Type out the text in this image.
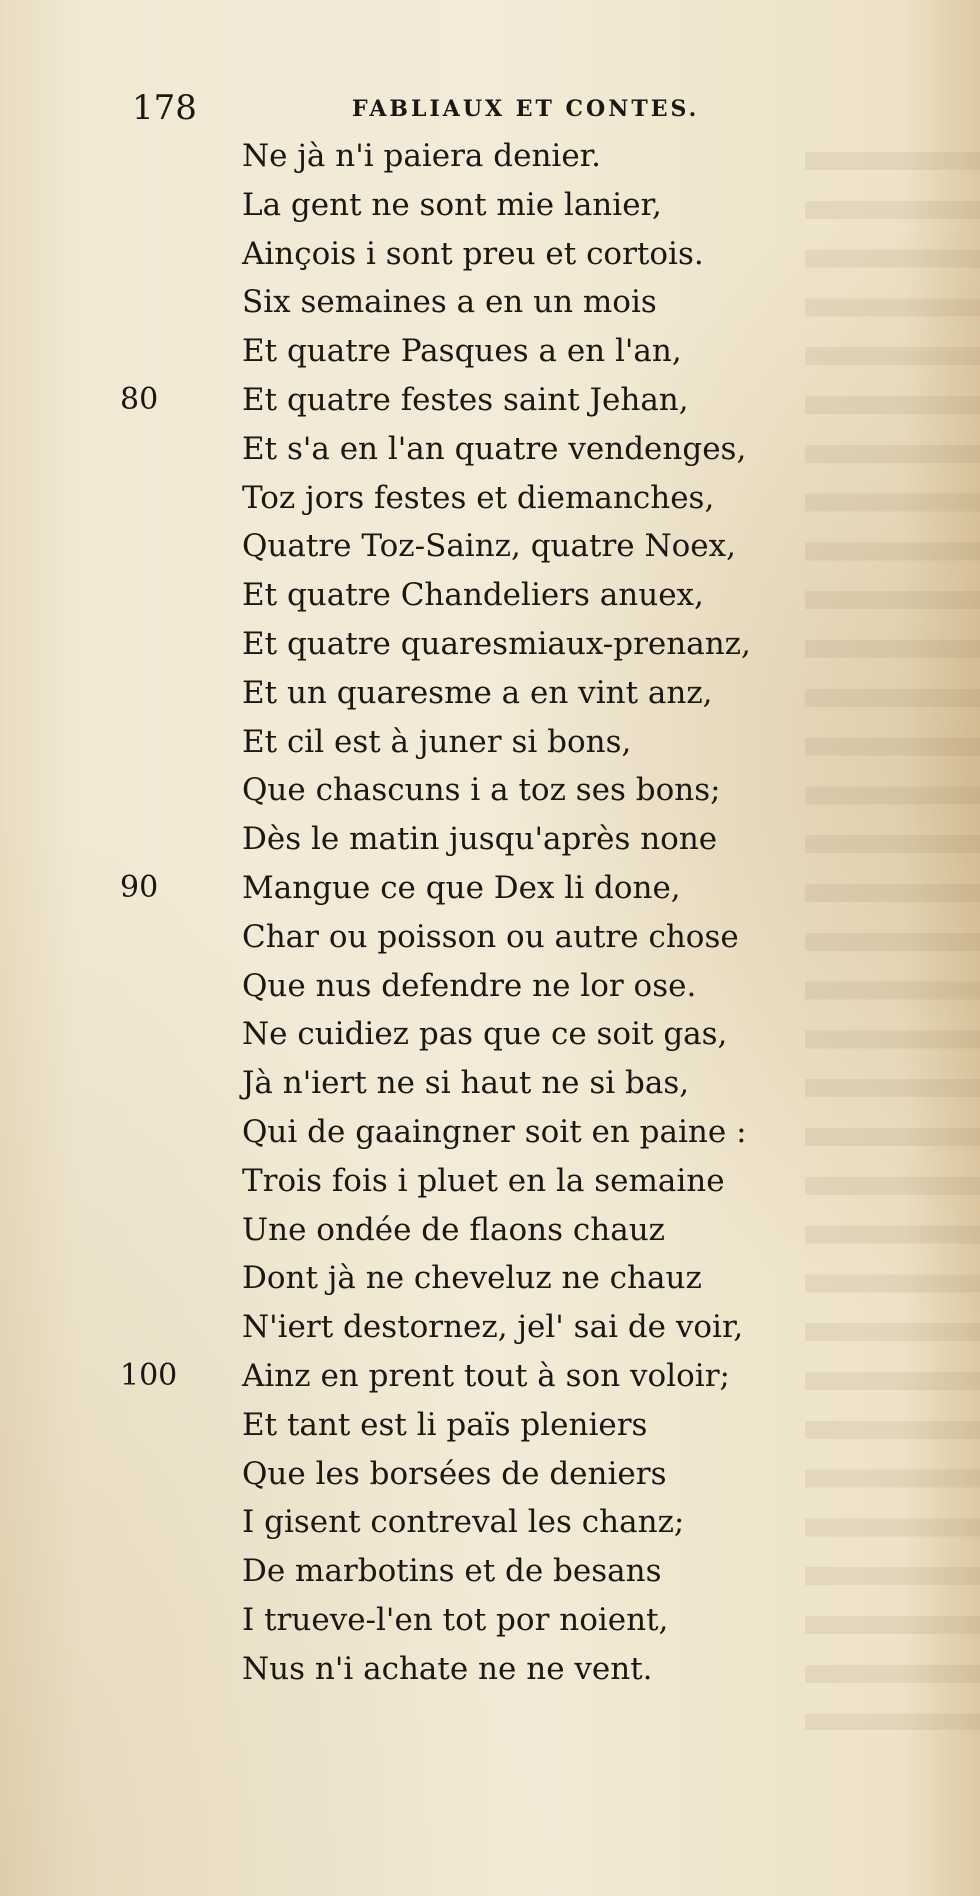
178	FABLIAUX ET CONTES.
Ne jà n'i paiera denier.
La gent ne sont mie lanier,
Ainçois i sont preu et cortois.
Six semaines a en un mois
Et quatre Pasques a en l'an,
80	Et quatre festes saint Jehan,
Et s'a en l'an quatre vendenges,
Toz jors festes et diemanches,
Quatre Toz-Sainz, quatre Noex,
Et quatre Chandeliers anuex,
Et quatre quaresmiaux-prenanz,
Et un quaresme a en vint anz,
Et cil est à juner si bons,
Que chascuns i a toz ses bons;
Dès le matin jusqu'après none
90	Mangue ce que Dex li done,
Char ou poisson ou autre chose
Que nus defendre ne lor ose.
Ne cuidiez pas que ce soit gas,
Jà n'iert ne si haut ne si bas,
Qui de gaaingner soit en paine :
Trois fois i pluet en la semaine
Une ondée de flaons chauz
Dont jà ne cheveluz ne chauz
N'iert destornez, jel' sai de voir,
100	Ainz en prent tout à son voloir;
Et tant est li païs pleniers
Que les borsées de deniers
I gisent contreval les chanz;
De marbotins et de besans
I trueve-l'en tot por noient,
Nus n'i achate ne ne vent.
